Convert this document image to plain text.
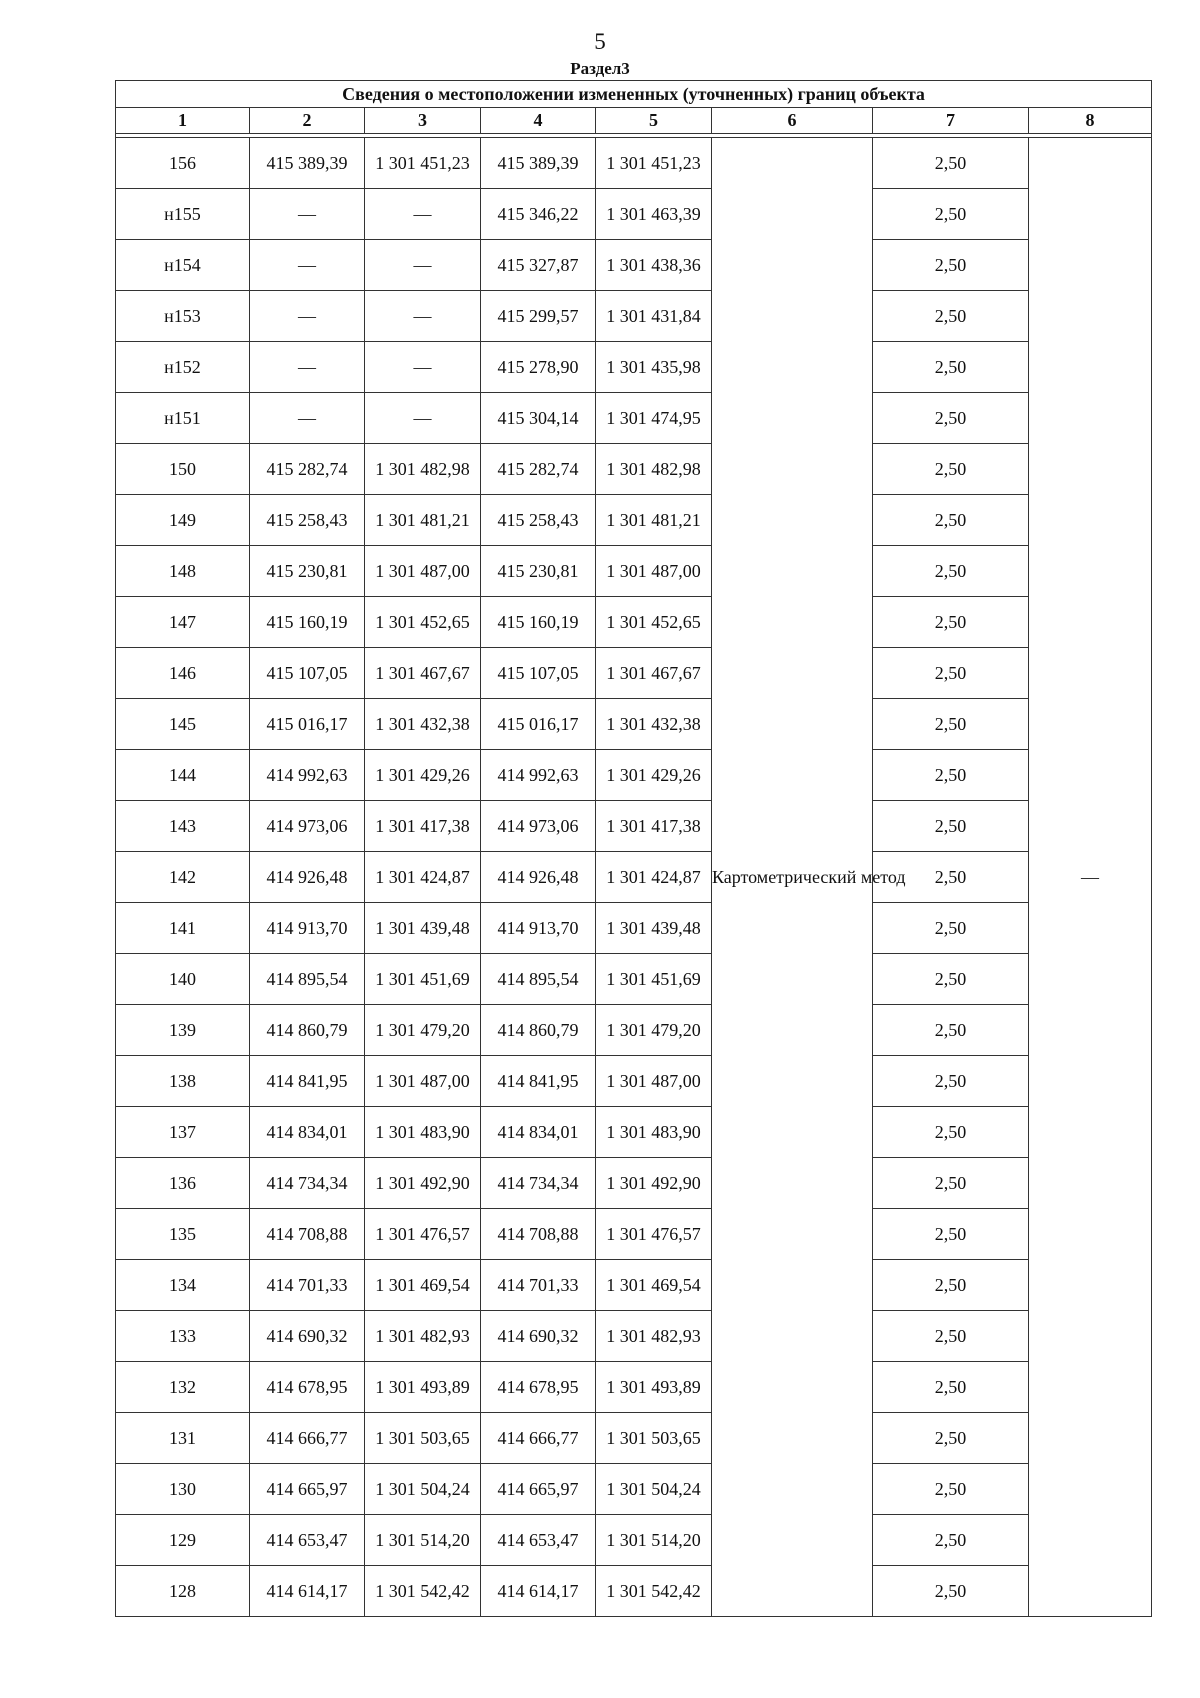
5
Раздел3
Сведения о местоположении измененных (уточненных) границ объекта							
1	2	3	4	5	6	7	8

156	415 389,39	1 301 451,23	415 389,39	1 301 451,23	Картометрический метод	2,50	—
н155	—	—	415 346,22	1 301 463,39		2,50	
н154	—	—	415 327,87	1 301 438,36		2,50	
н153	—	—	415 299,57	1 301 431,84		2,50	
н152	—	—	415 278,90	1 301 435,98		2,50	
н151	—	—	415 304,14	1 301 474,95		2,50	
150	415 282,74	1 301 482,98	415 282,74	1 301 482,98		2,50	
149	415 258,43	1 301 481,21	415 258,43	1 301 481,21		2,50	
148	415 230,81	1 301 487,00	415 230,81	1 301 487,00		2,50	
147	415 160,19	1 301 452,65	415 160,19	1 301 452,65		2,50	
146	415 107,05	1 301 467,67	415 107,05	1 301 467,67		2,50	
145	415 016,17	1 301 432,38	415 016,17	1 301 432,38		2,50	
144	414 992,63	1 301 429,26	414 992,63	1 301 429,26		2,50	
143	414 973,06	1 301 417,38	414 973,06	1 301 417,38		2,50	
142	414 926,48	1 301 424,87	414 926,48	1 301 424,87		2,50	
141	414 913,70	1 301 439,48	414 913,70	1 301 439,48		2,50	
140	414 895,54	1 301 451,69	414 895,54	1 301 451,69		2,50	
139	414 860,79	1 301 479,20	414 860,79	1 301 479,20		2,50	
138	414 841,95	1 301 487,00	414 841,95	1 301 487,00		2,50	
137	414 834,01	1 301 483,90	414 834,01	1 301 483,90		2,50	
136	414 734,34	1 301 492,90	414 734,34	1 301 492,90		2,50	
135	414 708,88	1 301 476,57	414 708,88	1 301 476,57		2,50	
134	414 701,33	1 301 469,54	414 701,33	1 301 469,54		2,50	
133	414 690,32	1 301 482,93	414 690,32	1 301 482,93		2,50	
132	414 678,95	1 301 493,89	414 678,95	1 301 493,89		2,50	
131	414 666,77	1 301 503,65	414 666,77	1 301 503,65		2,50	
130	414 665,97	1 301 504,24	414 665,97	1 301 504,24		2,50	
129	414 653,47	1 301 514,20	414 653,47	1 301 514,20		2,50	
128	414 614,17	1 301 542,42	414 614,17	1 301 542,42		2,50	
